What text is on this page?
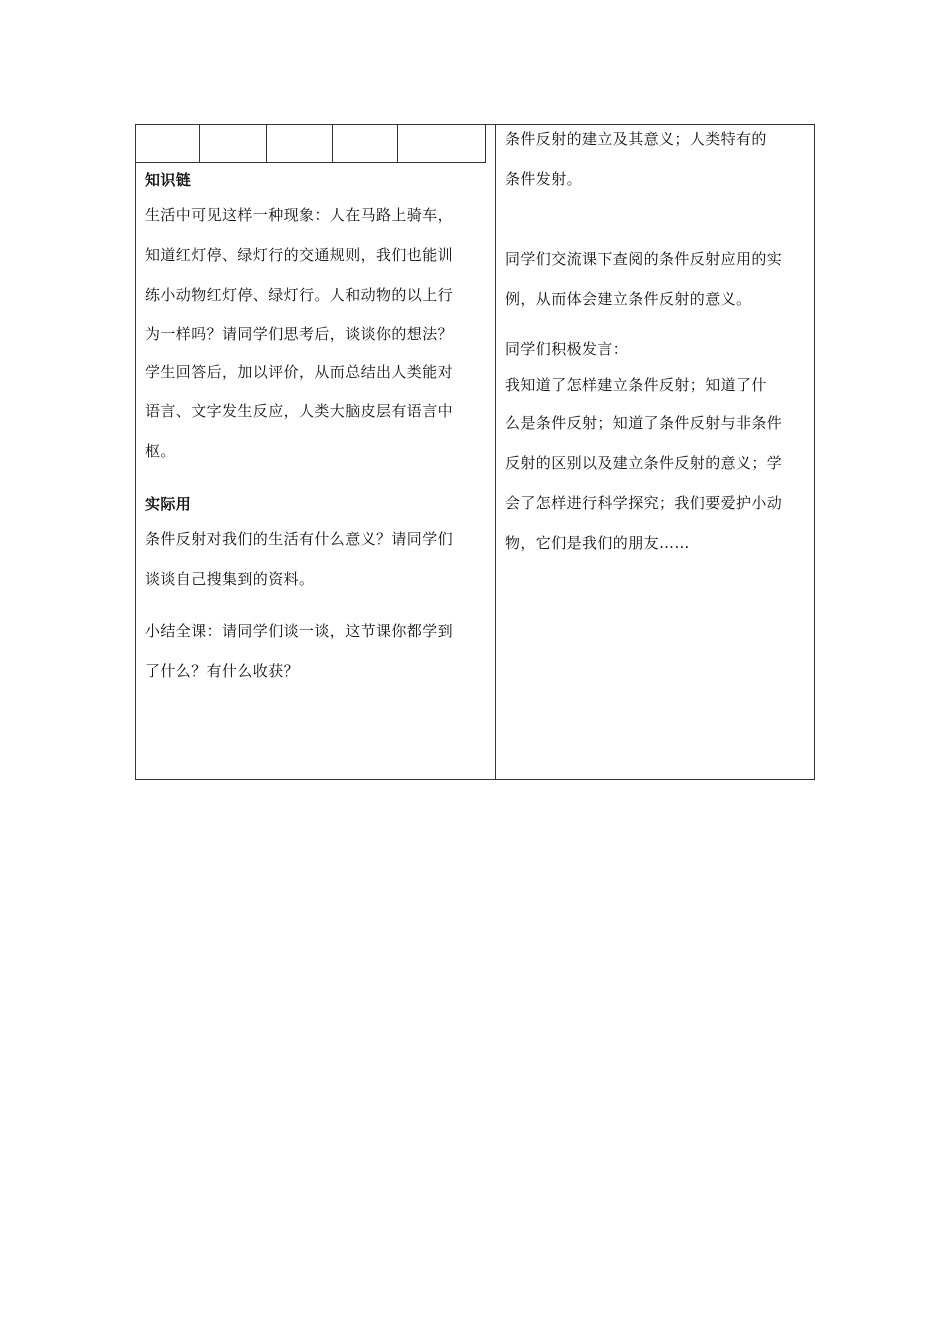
知识链

生活中可见这样一种现象：人在马路上骑车，

知道红灯停、绿灯行的交通规则，我们也能训

练小动物红灯停、绿灯行。人和动物的以上行

为一样吗？请同学们思考后，谈谈你的想法？

学生回答后，加以评价，从而总结出人类能对

语言、文字发生反应，人类大脑皮层有语言中

枢。

实际用

条件反射对我们的生活有什么意义？请同学们

谈谈自己搜集到的资料。

小结全课：请同学们谈一谈，这节课你都学到

了什么？有什么收获？

条件反射的建立及其意义；人类特有的

条件发射。

同学们交流课下查阅的条件反射应用的实

例，从而体会建立条件反射的意义。

同学们积极发言：

我知道了怎样建立条件反射；知道了什

么是条件反射；知道了条件反射与非条件

反射的区别以及建立条件反射的意义；学

会了怎样进行科学探究；我们要爱护小动

物，它们是我们的朋友……
